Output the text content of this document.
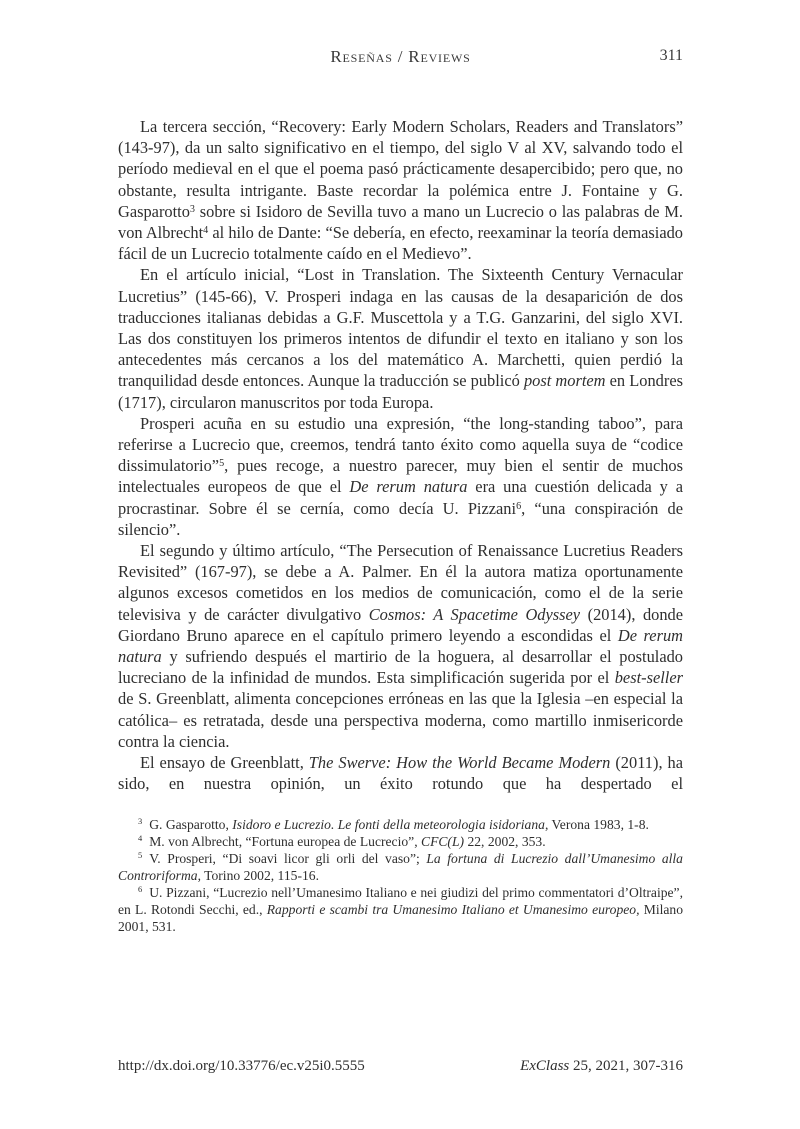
Reseñas / Reviews	311

La tercera sección, “Recovery: Early Modern Scholars, Readers and Translators” (143-97), da un salto significativo en el tiempo, del siglo V al XV, salvando todo el período medieval en el que el poema pasó prácticamente desapercibido; pero que, no obstante, resulta intrigante. Baste recordar la polémica entre J. Fontaine y G. Gasparotto$^3$ sobre si Isidoro de Sevilla tuvo a mano un Lucrecio o las palabras de M. von Albrecht$^4$ al hilo de Dante: “Se debería, en efecto, reexaminar la teoría demasiado fácil de un Lucrecio totalmente caído en el Medievo”.

En el artículo inicial, “Lost in Translation. The Sixteenth Century Vernacular Lucretius” (145-66), V. Prosperi indaga en las causas de la desaparición de dos traducciones italianas debidas a G.F. Muscettola y a T.G. Ganzarini, del siglo XVI. Las dos constituyen los primeros intentos de difundir el texto en italiano y son los antecedentes más cercanos a los del matemático A. Marchetti, quien perdió la tranquilidad desde entonces. Aunque la traducción se publicó post mortem en Londres (1717), circularon manuscritos por toda Europa.

Prosperi acuña en su estudio una expresión, “the long-standing taboo”, para referirse a Lucrecio que, creemos, tendrá tanto éxito como aquella suya de “codice dissimulatorio”$^5$, pues recoge, a nuestro parecer, muy bien el sentir de muchos intelectuales europeos de que el De rerum natura era una cuestión delicada y a procrastinar. Sobre él se cernía, como decía U. Pizzani$^6$, “una conspiración de silencio”.

El segundo y último artículo, “The Persecution of Renaissance Lucretius Readers Revisited” (167-97), se debe a A. Palmer. En él la autora matiza oportunamente algunos excesos cometidos en los medios de comunicación, como el de la serie televisiva y de carácter divulgativo Cosmos: A Spacetime Odyssey (2014), donde Giordano Bruno aparece en el capítulo primero leyendo a escondidas el De rerum natura y sufriendo después el martirio de la hoguera, al desarrollar el postulado lucreciano de la infinidad de mundos. Esta simplificación sugerida por el best-seller de S. Greenblatt, alimenta concepciones erróneas en las que la Iglesia –en especial la católica– es retratada, desde una perspectiva moderna, como martillo inmisericorde contra la ciencia.

El ensayo de Greenblatt, The Swerve: How the World Became Modern (2011), ha sido, en nuestra opinión, un éxito rotundo que ha despertado el

$^3$ G. Gasparotto, Isidoro e Lucrezio. Le fonti della meteorologia isidoriana, Verona 1983, 1-8.

$^4$ M. von Albrecht, “Fortuna europea de Lucrecio”, CFC(L) 22, 2002, 353.

$^5$ V. Prosperi, “Di soavi licor gli orli del vaso”; La fortuna di Lucrezio dall’Umanesimo alla Controriforma, Torino 2002, 115-16.

$^6$ U. Pizzani, “Lucrezio nell’Umanesimo Italiano e nei giudizi del primo commentatori d’Oltraipe”, en L. Rotondi Secchi, ed., Rapporti e scambi tra Umanesimo Italiano et Umanesimo europeo, Milano 2001, 531.

http://dx.doi.org/10.33776/ec.v25i0.5555	ExClass 25, 2021, 307-316
